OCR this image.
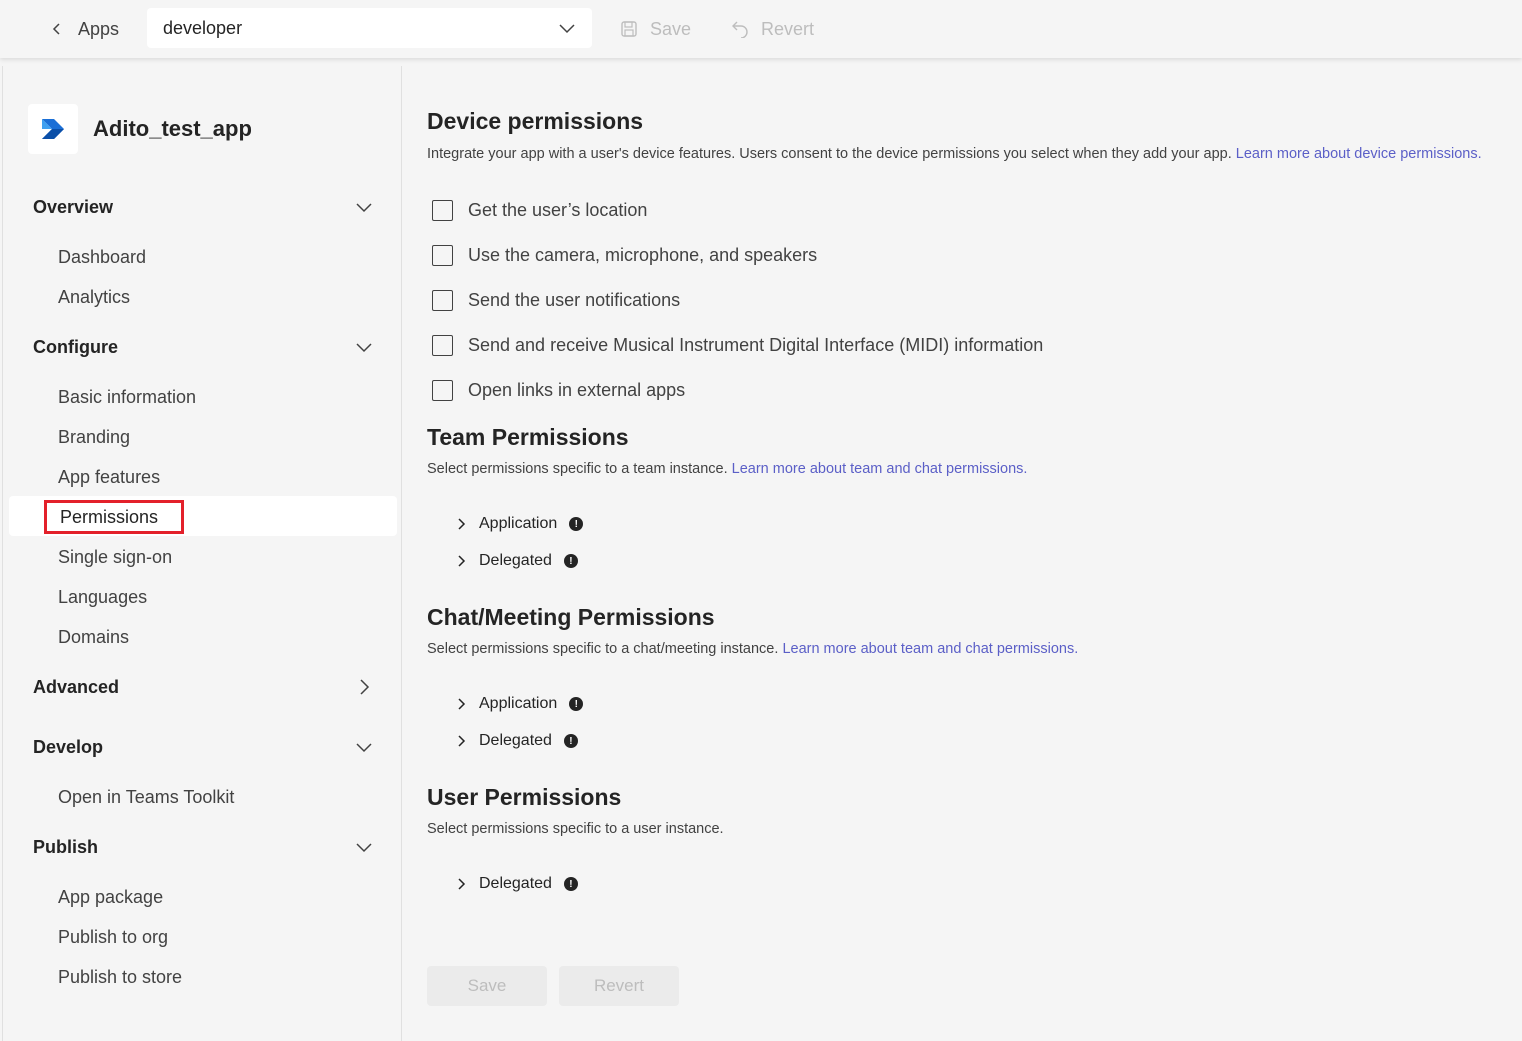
Apps developer	Save	Revert
Adito_test_app
Overview
Dashboard
Analytics
Configure
Basic information
Branding
App features
Permissions
Single sign-on
Languages
Domains
Advanced
Develop
Open in Teams Toolkit
Publish
App package
Publish to org
Publish to store
Device permissions
Integrate your app with a user's device features. Users consent to the device permissions you select when they add your app. Learn more about device permissions.
Get the user’s location
Use the camera, microphone, and speakers
Send the user notifications
Send and receive Musical Instrument Digital Interface (MIDI) information
Open links in external apps
Team Permissions
Select permissions specific to a team instance. Learn more about team and chat permissions.
Application	!
Delegated	!
Chat/Meeting Permissions
Select permissions specific to a chat/meeting instance. Learn more about team and chat permissions.
Application	!
Delegated	!
User Permissions
Select permissions specific to a user instance.
Delegated	!
Save	Revert
